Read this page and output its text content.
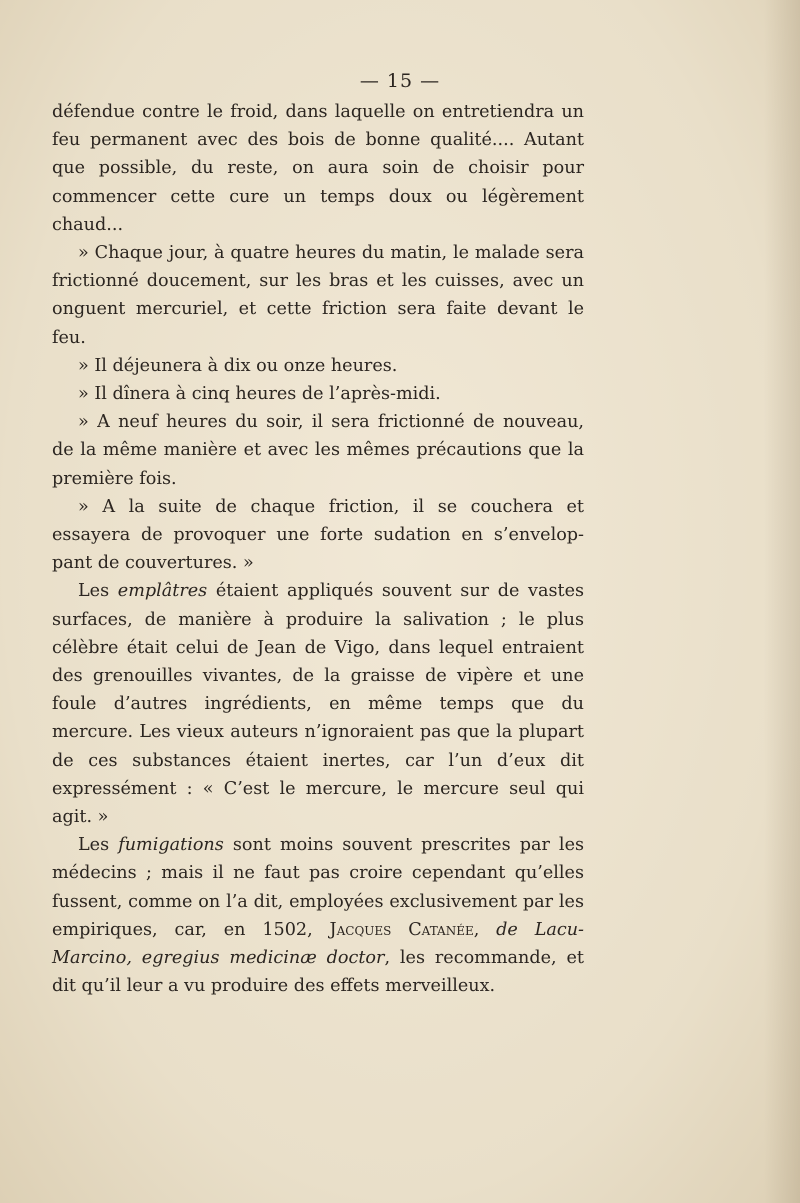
— 15 —

défendue contre le froid, dans laquelle on entretiendra un feu permanent avec des bois de bonne qualité.... Autant que possible, du reste, on aura soin de choisir pour commencer cette cure un temps doux ou légèrement chaud...

» Chaque jour, à quatre heures du matin, le malade sera frictionné doucement, sur les bras et les cuisses, avec un onguent mercuriel, et cette friction sera faite devant le feu.

» Il déjeunera à dix ou onze heures.

» Il dînera à cinq heures de l’après-midi.

» A neuf heures du soir, il sera frictionné de nouveau, de la même manière et avec les mêmes précautions que la première fois.

» A la suite de chaque friction, il se couchera et essayera de provoquer une forte sudation en s’envelop-pant de couvertures. »

Les emplâtres étaient appliqués souvent sur de vastes surfaces, de manière à produire la salivation ; le plus célèbre était celui de Jean de Vigo, dans lequel entraient des grenouilles vivantes, de la graisse de vipère et une foule d’autres ingrédients, en même temps que du mercure. Les vieux auteurs n’ignoraient pas que la plupart de ces substances étaient inertes, car l’un d’eux dit expressément : « C’est le mercure, le mercure seul qui agit. »

Les fumigations sont moins souvent prescrites par les médecins ; mais il ne faut pas croire cependant qu’elles fussent, comme on l’a dit, employées exclusivement par les empiriques, car, en 1502, Jacques Catanée, de Lacu-Marcino, egregius medicinæ doctor, les recommande, et dit qu’il leur a vu produire des effets merveilleux.
